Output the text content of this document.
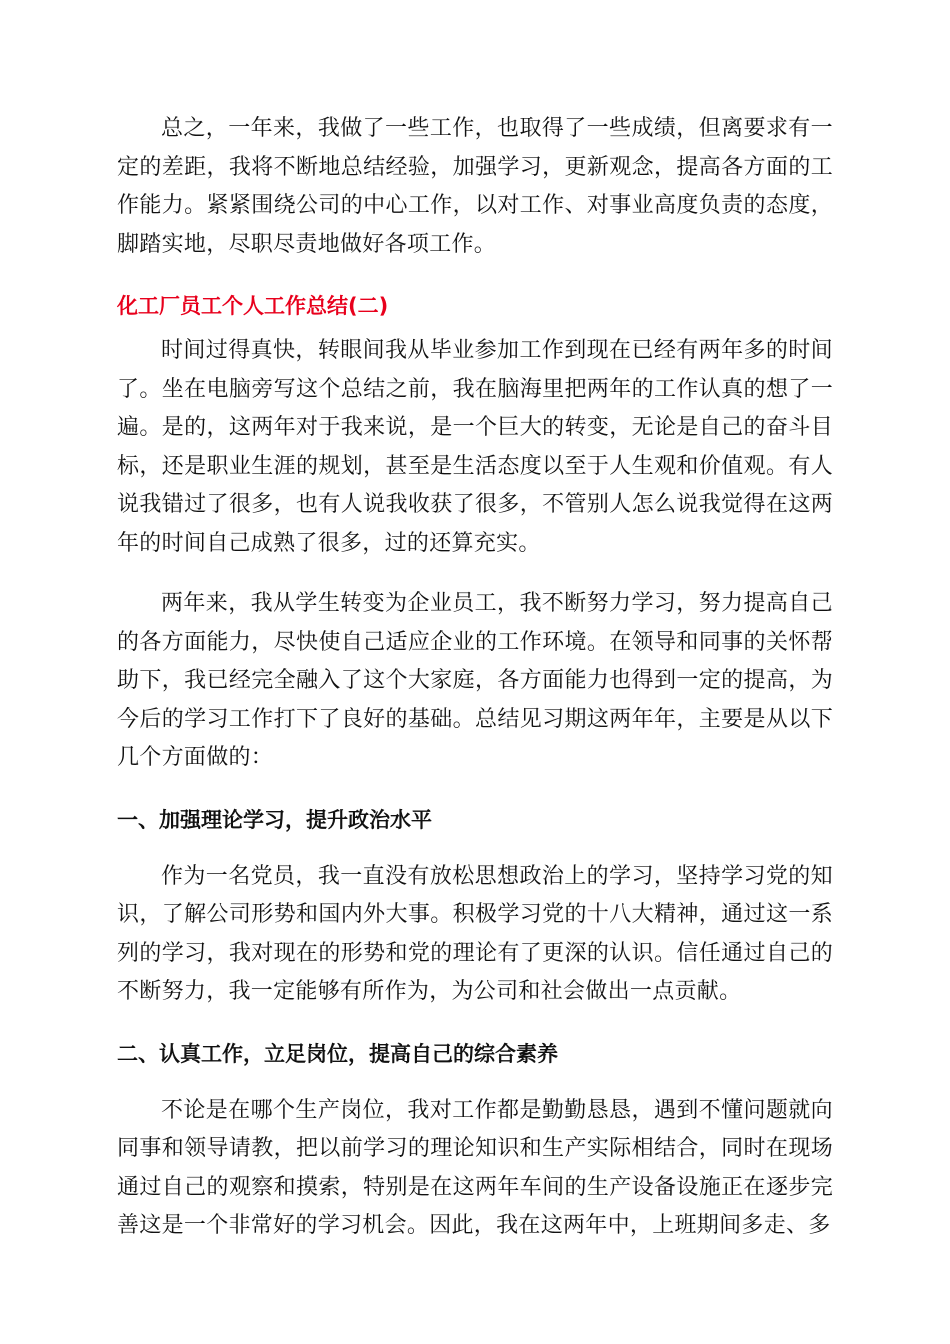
总之，一年来，我做了一些工作，也取得了一些成绩，但离要求有一定的差距，我将不断地总结经验，加强学习，更新观念，提高各方面的工作能力。紧紧围绕公司的中心工作，以对工作、对事业高度负责的态度，脚踏实地，尽职尽责地做好各项工作。

化工厂员工个人工作总结(二)

时间过得真快，转眼间我从毕业参加工作到现在已经有两年多的时间了。坐在电脑旁写这个总结之前，我在脑海里把两年的工作认真的想了一遍。是的，这两年对于我来说，是一个巨大的转变，无论是自己的奋斗目标，还是职业生涯的规划，甚至是生活态度以至于人生观和价值观。有人说我错过了很多，也有人说我收获了很多，不管别人怎么说我觉得在这两年的时间自己成熟了很多，过的还算充实。

两年来，我从学生转变为企业员工，我不断努力学习，努力提高自己的各方面能力，尽快使自己适应企业的工作环境。在领导和同事的关怀帮助下，我已经完全融入了这个大家庭，各方面能力也得到一定的提高，为今后的学习工作打下了良好的基础。总结见习期这两年年，主要是从以下几个方面做的：

一、加强理论学习，提升政治水平

作为一名党员，我一直没有放松思想政治上的学习，坚持学习党的知识，了解公司形势和国内外大事。积极学习党的十八大精神，通过这一系列的学习，我对现在的形势和党的理论有了更深的认识。信任通过自己的不断努力，我一定能够有所作为，为公司和社会做出一点贡献。

二、认真工作，立足岗位，提高自己的综合素养

不论是在哪个生产岗位，我对工作都是勤勤恳恳，遇到不懂问题就向同事和领导请教，把以前学习的理论知识和生产实际相结合，同时在现场通过自己的观察和摸索，特别是在这两年车间的生产设备设施正在逐步完善这是一个非常好的学习机会。因此，我在这两年中，上班期间多走、多
